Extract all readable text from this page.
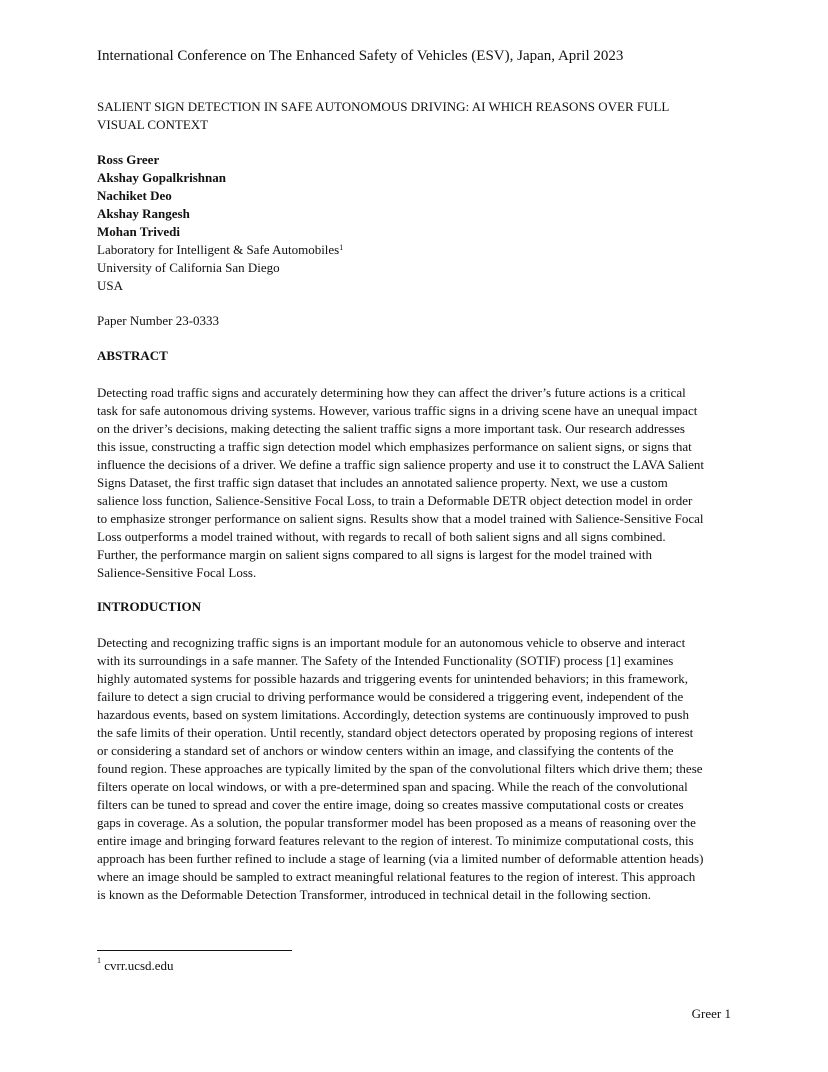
International Conference on The Enhanced Safety of Vehicles (ESV), Japan, April 2023
SALIENT SIGN DETECTION IN SAFE AUTONOMOUS DRIVING: AI WHICH REASONS OVER FULL VISUAL CONTEXT
Ross Greer
Akshay Gopalkrishnan
Nachiket Deo
Akshay Rangesh
Mohan Trivedi
Laboratory for Intelligent & Safe Automobiles$^1$
University of California San Diego
USA
Paper Number 23-0333
ABSTRACT
Detecting road traffic signs and accurately determining how they can affect the driver’s future actions is a critical
task for safe autonomous driving systems. However, various traffic signs in a driving scene have an unequal impact
on the driver’s decisions, making detecting the salient traffic signs a more important task. Our research addresses
this issue, constructing a traffic sign detection model which emphasizes performance on salient signs, or signs that
influence the decisions of a driver. We define a traffic sign salience property and use it to construct the LAVA Salient
Signs Dataset, the first traffic sign dataset that includes an annotated salience property. Next, we use a custom
salience loss function, Salience-Sensitive Focal Loss, to train a Deformable DETR object detection model in order
to emphasize stronger performance on salient signs. Results show that a model trained with Salience-Sensitive Focal
Loss outperforms a model trained without, with regards to recall of both salient signs and all signs combined.
Further, the performance margin on salient signs compared to all signs is largest for the model trained with
Salience-Sensitive Focal Loss.
INTRODUCTION
Detecting and recognizing traffic signs is an important module for an autonomous vehicle to observe and interact
with its surroundings in a safe manner. The Safety of the Intended Functionality (SOTIF) process [1] examines
highly automated systems for possible hazards and triggering events for unintended behaviors; in this framework,
failure to detect a sign crucial to driving performance would be considered a triggering event, independent of the
hazardous events, based on system limitations. Accordingly, detection systems are continuously improved to push
the safe limits of their operation. Until recently, standard object detectors operated by proposing regions of interest
or considering a standard set of anchors or window centers within an image, and classifying the contents of the
found region. These approaches are typically limited by the span of the convolutional filters which drive them; these
filters operate on local windows, or with a pre-determined span and spacing. While the reach of the convolutional
filters can be tuned to spread and cover the entire image, doing so creates massive computational costs or creates
gaps in coverage. As a solution, the popular transformer model has been proposed as a means of reasoning over the
entire image and bringing forward features relevant to the region of interest. To minimize computational costs, this
approach has been further refined to include a stage of learning (via a limited number of deformable attention heads)
where an image should be sampled to extract meaningful relational features to the region of interest. This approach
is known as the Deformable Detection Transformer, introduced in technical detail in the following section.
$^1$ cvrr.ucsd.edu
Greer 1
